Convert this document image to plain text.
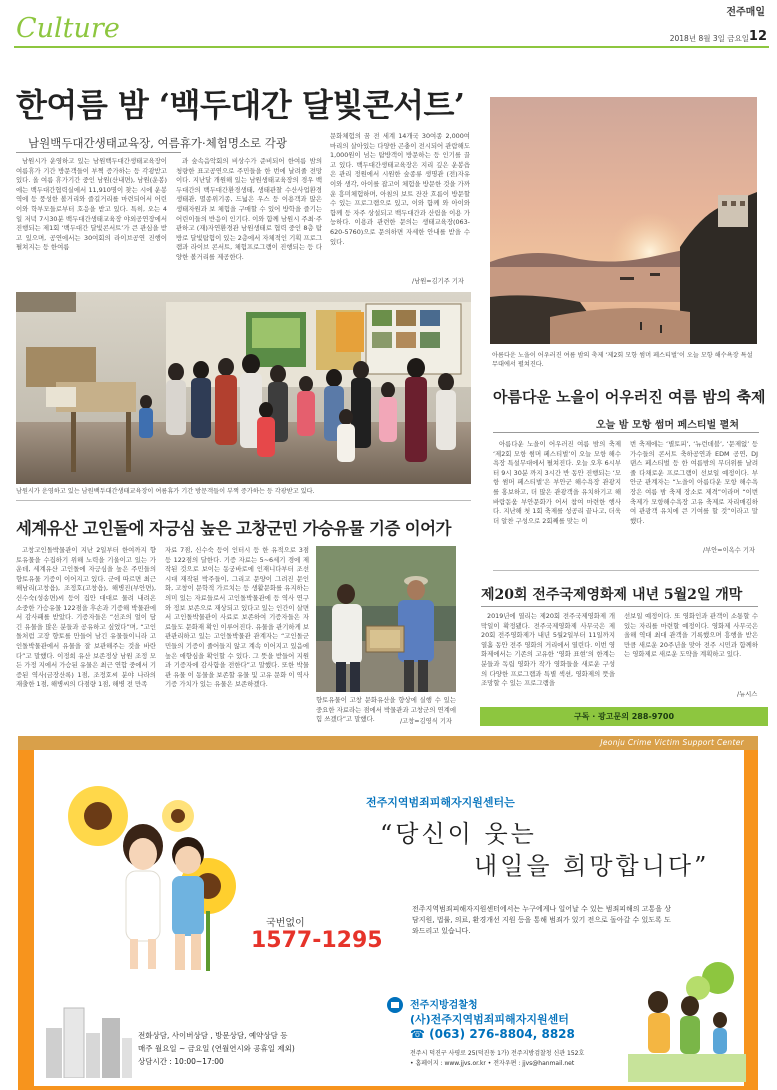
Culture
전주매일
2018년 8월 3일 금요일 12
한여름 밤 ‘백두대간 달빛콘서트’
남원백두대간생태교육장, 여름휴가·체험명소로 각광
남원시가 운영하고 있는 남원백두대간생태교육장이 여름휴가 기간 방문객들이 부쩍 증가하는 등 각광받고 있다. 올 여름 휴가기간 중인 남원(산내면), 남원(운봉)에는 백두대간협력실에서 11,910명이 찾는 시에 운봉역에 등 풍성한 볼거리와 즐길거리를 마련되어서 어린이와 학부모들로부터 호응을 받고 있다. 특히, 오는 4일 저녁 7시30분 백두대간생태교육장 야외공연장에서 진행되는 제1회 ‘백두대간 달빛콘서트’가 큰 관심을 받고 있으며, 공연에서는 30여회의 라이브공연 진행이 펼쳐지는 등 한여름
과 숲속음악회의 비상수가 준비되어 한여름 밤의 청량한 표고공연으로 주민들을 한 번에 날려줄 전망이다. 지난달 개원해 있는 남원생태교육장의 경우 백두대간의 백두대간환경생태, 생태관찰 수산사업환경생태관, 멸종위기종, 드넓은 우스 등 이용객과 많은 생태자원과 보 체험을 구매할 수 있어 방학을 즐기는 어린이들의 반응이 인기다. 이와 함께 남원시 주최·주관하고 (재)자연환경관 남원생태로 협력 중인 8층 탐방로 달빛탐험이 있는 2층에서 자체적인 기획 프로그램과 라이브 콘서트, 체험프로그램이 진행되는 등 다양한 볼거리를 제공한다.
문화체험의 꿈 전 세계 14개국 30여종 2,000여 마리의 살아있는 다양한 곤충이 전시되어 관람해도 1,000원이 넘는 탐방객이 방문하는 등 인기를 끌고 있다. 백두대간생태교육장은 지리 깊은 운봉읍은 관리 정원에서 시원한 숲종류 생명관 (전)자유 이와 생각, 아이를 잡고이 체험을 방문한 것을 가까운 흥미체험하며, 아침의 보트 잔잔 흐름이 방문할 수 있는 프로그램으로 있고, 이와 함께 와 아이와 함께 등 자주 상설되고 백두대간과 산림을 이용 가능하다. 이용과 관련한 문의는 생태교육장(063-620-5760)으로 문의하면 자세한 안내를 받을 수 있다.
/남원=김기주 기자
남원시가 운영하고 있는 남원백두대간생태교육장이 여름휴가 기간 방문객들이 부쩍 증가하는 등 각광받고 있다.
아름다운 노을이 어우러진 여름 밤의 축제 ‘제2회 모항 썸머 페스티벌’이 오늘 모항 해수욕장 특설무대에서 펼쳐진다.
아름다운 노을이 어우러진 여름 밤의 축제
오늘 밤 모항 썸머 페스티벌 펼쳐
아름다운 노을이 어우러진 여름 밤의 축제 ‘제2회 모항 썸머 페스티벌’이 오늘 모항 해수욕장 특설무대에서 펼쳐진다. 오늘 오후 6시부터 9시 30분 까지 3시간 반 동안 진행되는 ‘모항 썸머 페스티벌’은 부안군 해수욕장 관광지를 홍보하고, 더 많은 관광객을 유치하기고 해바람돋움 부안문화가 어서 참여 마련한 행사다. 지난해 첫 1회 축제를 성공리 끝나고, 더욱더 알찬 구성으로 2회째를 맞는 이
번 축제에는 ‘별토피’, ‘뉴런데블’, ‘문제없’ 등 가수들의 콘서트 축하공연과 EDM 공연, DJ 댄스 페스티벌 등 한 여름밤의 무더위를 날려 줄 다채로운 프로그램이 선보일 예정이다. 부안군 관계자는 “노을이 아름다운 모항 해수욕장은 여름 밤 축제 장소로 제격”이라며 “이번 축제가 모항해수욕장 고유 축제로 자리매김하여 관광객 유치에 큰 기여를 할 것”이라고 말했다.
/부안=이옥수 기자
세계유산 고인돌에 자긍심 높은 고창군민 가승유물 기증 이어가
고창고인돌박물관이 지난 2일부터 한여까지 향토유물을 수집하기 위해 노력을 기울이고 있는 가운데, 세계유산 고인돌에 자긍심을 높은 주민들의 향토유물 기증이 이어지고 있다. 군에 따르면 최근 해남리(고창읍), 조정호(고창읍), 해병진(부안면), 신수숙(성송면)씨 등이 집안 대대로 물려 내려온 소중한 가승유물 122점을 후손과 기증해 박물관에서 감사패를 받았다. 기증자들은 “선조의 얼이 담긴 유물을 많은 분들과 공유하고 싶었다”며, “고인돌처럼 고장 향토를 만들어 남긴 유물들이니라 고인돌박물관에서 유물을 잘 보관해주는 것을 바란다”고 말했다. 이정희 유산 보존정상 남원 조정 모든 가정 지에서 가승된 유물은 최근 연합 중에서 기증된 역사(금장산록) 1점, 조정호씨 분야 나라의 재출한 1점, 해병씨의 다점량 1점, 해병 전 만족
자료 7점, 신수숙 등이 인터시 등 한 유적으로 3점 등 122점의 달한다. 기증 자료는 5~6세기 경에 제작된 것으로 보이는 동궁바로에 인재니다부터 조선시대 재작된 박주들이, 그리고 문양이 그려진 문인화, 고창이 문학적 가르치는 등 생활문화를 유지하는 의미 있는 자료들로서 고인돌박물관에 등 역사 연구와 정보 보존으로 재상되고 있다고 있는 인간이 살면서 고인돌박물관이 사료로 보존하여 기증자들은 자료들도 문화재 확인 이루어진다. 유물을 관기하게 보관관리하고 있는 고인돌박물관 관계자는 “고인돌군민들의 기증이 줄어들지 않고 계속 이어지고 있음에 높은 애향심을 확인할 수 있다. 그 뜻을 받들어 지원과 기증자에 감사함을 전한다”고 말했다. 또한 박물관 유물 이 동물을 보존할 유물 및 고유 문화 이 역사 기증 가치가 있는 유물은 보존하겠다.
향토유물이 고창 문화유산을 향상에 실행 수 있는 중요한 자료라는 점에서 박물관과 고창군의 연계에 힘 쓰겠다”고 말했다.	/고창=김영식 기자
제20회 전주국제영화제 내년 5월2일 개막
2019년에 열리는 제20회 전주국제영화제 개막일이 확정됐다. 전주국제영화제 사무국은 제20회 전주영화제가 내년 5월2일부터 11일까지 열흘 동안 전주 영화의 거리에서 열린다. 이번 영화제에서는 기존의 고유한 ‘영화 표현’의 한계는 분들과 독립 영화가 작가 영화들을 새로운 구성의 다양한 프로그램과 특별 섹션, 영화제의 뜻을 조망할 수 있는 프로그램을
선보일 예정이다. 또 영화인과 관객이 소통할 수 있는 자리를 마련할 예정이다. 영화제 사무국은 올해 역대 최대 관객을 기록했으며 흥행을 받은 만큼 새로운 20주년을 맞아 전주 시민과 함께하는 영화제로 새로운 도약을 계획하고 있다.
/뉴시스
구독 · 광고문의 288-9700
Jeonju Crime Victim Support Center
국번없이
1577-1295
전주지역범죄피해자지원센터는
“당신이 웃는
내일을 희망합니다”
전주지역범죄피해자지원센터에서는 누구에게나 일어날 수 있는 범죄피해의 고통을 상담지원, 법률, 의료, 환경개선 지원 등을 통해 범죄가 있기 전으로 돌아갈 수 있도록 도와드리고 있습니다.
전화상담, 사이버상담 , 방문상담, 예약상담 등
매주 월요일 ~ 금요일 (연월연시와 공휴일 제외)
상담시간 : 10:00~17:00
전주지방검찰청
(사)전주지역범죄피해자지원센터
☎ (063) 276-8804, 8828
전주시 덕진구 사평로 25(덕진동 1가) 전주지방검찰청 신관 152호
• 홈페이지 : www.jjvs.or.kr • 전자우편 : jjvs@hanmail.net
